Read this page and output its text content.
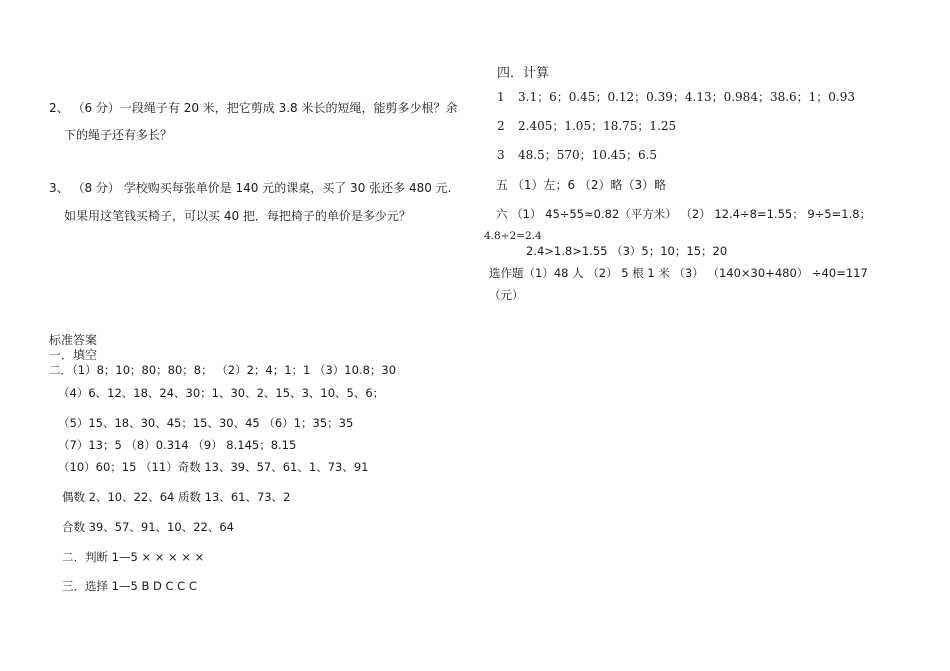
四．计算
1 3.1；6；0.45；0.12；0.39；4.13；0.984；38.6；1；0.93
2 2.405；1.05；18.75；1.25
3 48.5；570；10.45；6.5
五 （1）左；6 （2）略（3）略
六 （1） 45÷55≈0.82（平方米） （2） 12.4÷8=1.55； 9÷5=1.8；
4.8÷2=2.4
2.4>1.8>1.55 （3）5；10；15；20
选作题（1）48 人 （2） 5 根 1 米 （3） （140×30+480） ÷40=117
（元）
2、 （6 分）一段绳子有 20 米，把它剪成 3.8 米长的短绳，能剪多少根？余
下的绳子还有多长？
3、 （8 分） 学校购买每张单价是 140 元的课桌，买了 30 张还多 480 元.
如果用这笔钱买椅子，可以买 40 把．每把椅子的单价是多少元？
标准答案
一．填空
二．（1）8；10；80；80；8； （2）2；4；1；1 （3）10.8；30
（4）6、12、18、24、30；1、30、2、15、3、10、5、6；
（5）15、18、30、45；15、30、45 （6）1；35；35
（7）13；5 （8）0.314 （9） 8.145；8.15
（10）60；15 （11）奇数 13、39、57、61、1、73、91
偶数 2、10、22、64 质数 13、61、73、2
合数 39、57、91、10、22、64
二．判断 1—5 × × × × ×
三．选择 1—5 B D C C C
